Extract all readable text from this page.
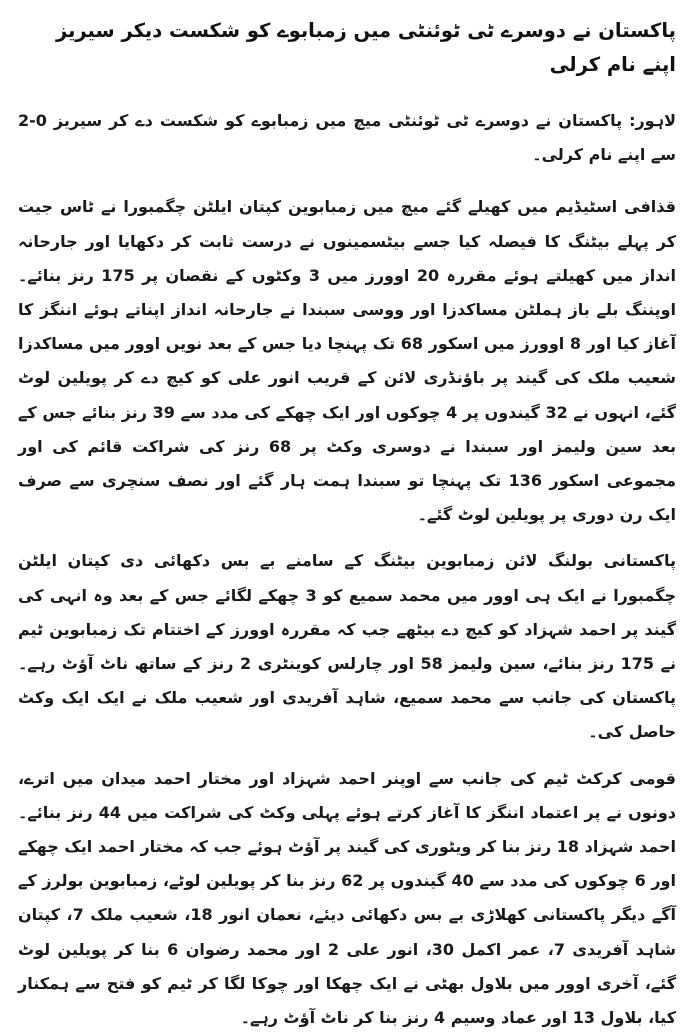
پاکستان نے دوسرے ٹی ٹوئنٹی میں زمبابوے کو شکست دیکر سیریز اپنے نام کرلی

لاہور: پاکستان نے دوسرے ٹی ٹوئنٹی میچ میں زمبابوے کو شکست دے کر سیریز 0-2 سے اپنے نام کرلی۔

قذافی اسٹیڈیم میں کھیلے گئے میچ میں زمبابوین کپتان ایلٹن چگمبورا نے ٹاس جیت کر پہلے بیٹنگ کا فیصلہ کیا جسے بیٹسمینوں نے درست ثابت کر دکھایا اور جارحانہ انداز میں کھیلتے ہوئے مقررہ 20 اوورز میں 3 وکٹوں کے نقصان پر 175 رنز بنائے۔ اوپننگ بلے باز ہملٹن مساکدزا اور ووسی سبندا نے جارحانہ انداز اپناتے ہوئے اننگز کا آغاز کیا اور 8 اوورز میں اسکور 68 تک پہنچا دیا جس کے بعد نویں اوور میں مساکدزا شعیب ملک کی گیند پر باؤنڈری لائن کے قریب انور علی کو کیچ دے کر پویلین لوٹ گئے، انہوں نے 32 گیندوں پر 4 چوکوں اور ایک چھکے کی مدد سے 39 رنز بنائے جس کے بعد سین ولیمز اور سبندا نے دوسری وکٹ پر 68 رنز کی شراکت قائم کی اور مجموعی اسکور 136 تک پہنچا تو سبندا ہمت ہار گئے اور نصف سنچری سے صرف ایک رن دوری پر پویلین لوٹ گئے۔

پاکستانی بولنگ لائن زمبابوین بیٹنگ کے سامنے بے بس دکھائی دی کپتان ایلٹن چگمبورا نے ایک ہی اوور میں محمد سمیع کو 3 چھکے لگائے جس کے بعد وہ انہی کی گیند پر احمد شہزاد کو کیچ دے بیٹھے جب کہ مقررہ اوورز کے اختتام تک زمبابوین ٹیم نے 175 رنز بنائے، سین ولیمز 58 اور چارلس کوینٹری 2 رنز کے ساتھ ناٹ آؤٹ رہے۔ پاکستان کی جانب سے محمد سمیع، شاہد آفریدی اور شعیب ملک نے ایک ایک وکٹ حاصل کی۔

قومی کرکٹ ٹیم کی جانب سے اوپنر احمد شہزاد اور مختار احمد میدان میں اترے، دونوں نے پر اعتماد اننگز کا آغاز کرتے ہوئے پہلی وکٹ کی شراکت میں 44 رنز بنائے۔ احمد شہزاد 18 رنز بنا کر ویٹوری کی گیند پر آؤٹ ہوئے جب کہ مختار احمد ایک چھکے اور 6 چوکوں کی مدد سے 40 گیندوں پر 62 رنز بنا کر پویلین لوٹے، زمبابوین بولرز کے آگے دیگر پاکستانی کھلاڑی بے بس دکھائی دیئے، نعمان انور 18، شعیب ملک 7، کپتان شاہد آفریدی 7، عمر اکمل 30، انور علی 2 اور محمد رضوان 6 بنا کر پویلین لوٹ گئے، آخری اوور میں بلاول بھٹی نے ایک چھکا اور چوکا لگا کر ٹیم کو فتح سے ہمکنار کیا، بلاول 13 اور عماد وسیم 4 رنز بنا کر ناٹ آؤٹ رہے۔
